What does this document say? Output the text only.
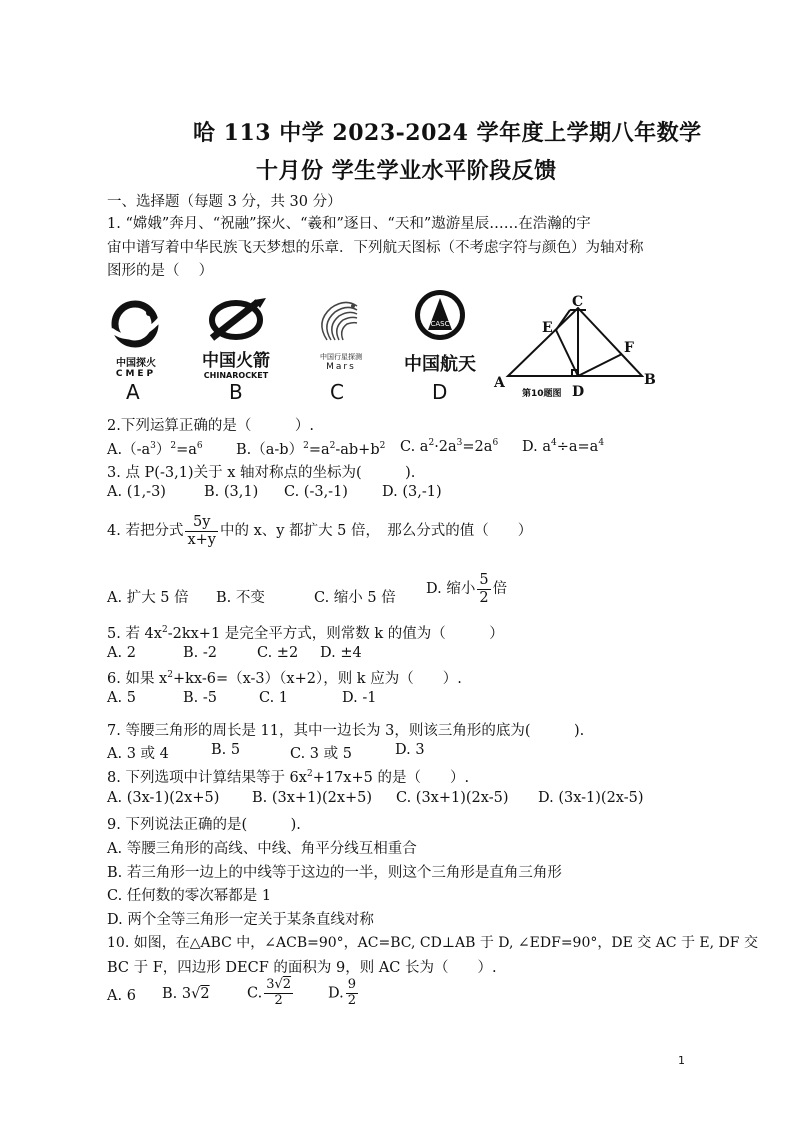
哈 113 中学 2023-2024 学年度上学期八年数学
十月份 学生学业水平阶段反馈
一、选择题（每题 3 分，共 30 分）
1. “嫦娥”奔月、“祝融”探火、“羲和”逐日、“天和”遨游星辰……在浩瀚的宇
宙中谱写着中华民族飞天梦想的乐章．下列航天图标（不考虑字符与颜色）为轴对称
图形的是（　 ）
中国探火
CMEP
A
中国火箭
CHINAROCKET
B
中国行星探测
Mars
C
CASC
中国航天
D	A	B
C
D
E
F
第10题图
2.下列运算正确的是（　　　）.
$A.(-a^3)^2=a^6$ $B.(a-b)^2=a^2-ab+b^2$ C. $a^2\cdot 2a^3=2a^6$ D. $a^4\div a=a^4$
3. 点 P(-3,1)关于 x 轴对称点的坐标为(　　　).
A. (1,-3)	B. (3,1) C. (-3,-1) D. (3,-1)
4. 若把分式 $\frac{5y}{x+y}$ 中的 x、y 都扩大 5 倍，　那么分式的值（　　）
A. 扩大 5 倍 B. 不变	C. 缩小 5 倍
D. 缩小 $\frac{5}{2}$ 倍
5. 若 $4x^2-2kx+1$ 是完全平方式，则常数 k 的值为（　　　）
A. 2	B. -2	C. ±2 D. ±4
6. 如果 $x^2+kx-6=(x-3)(x+2)$，则 k 应为（　　）.
A. 5	B. -5	C. 1	D. -1
7. 等腰三角形的周长是 11，其中一边长为 3，则该三角形的底为(　　　).
A. 3 或 4	B. 5	C. 3 或 5	D. 3
8. 下列选项中计算结果等于 $6x^2+17x+5$ 的是（　　）.
A. (3x-1)(2x+5) B. (3x+1)(2x+5) C. (3x+1)(2x-5) D. (3x-1)(2x-5)
9. 下列说法正确的是(　　　).
A. 等腰三角形的高线、中线、角平分线互相重合
B. 若三角形一边上的中线等于这边的一半，则这个三角形是直角三角形
C. 任何数的零次幂都是 1
D. 两个全等三角形一定关于某条直线对称
10. 如图，在△ABC 中，∠ACB=90°，AC=BC, CD⊥AB 于 D, ∠EDF=90°，DE 交 AC 于 E, DF 交
BC 于 F，四边形 DECF 的面积为 9，则 AC 长为（　　）.
A. 6 B. 3√2	C. $\frac{3√2}{2} D$. $\frac{9}{2}$
1
